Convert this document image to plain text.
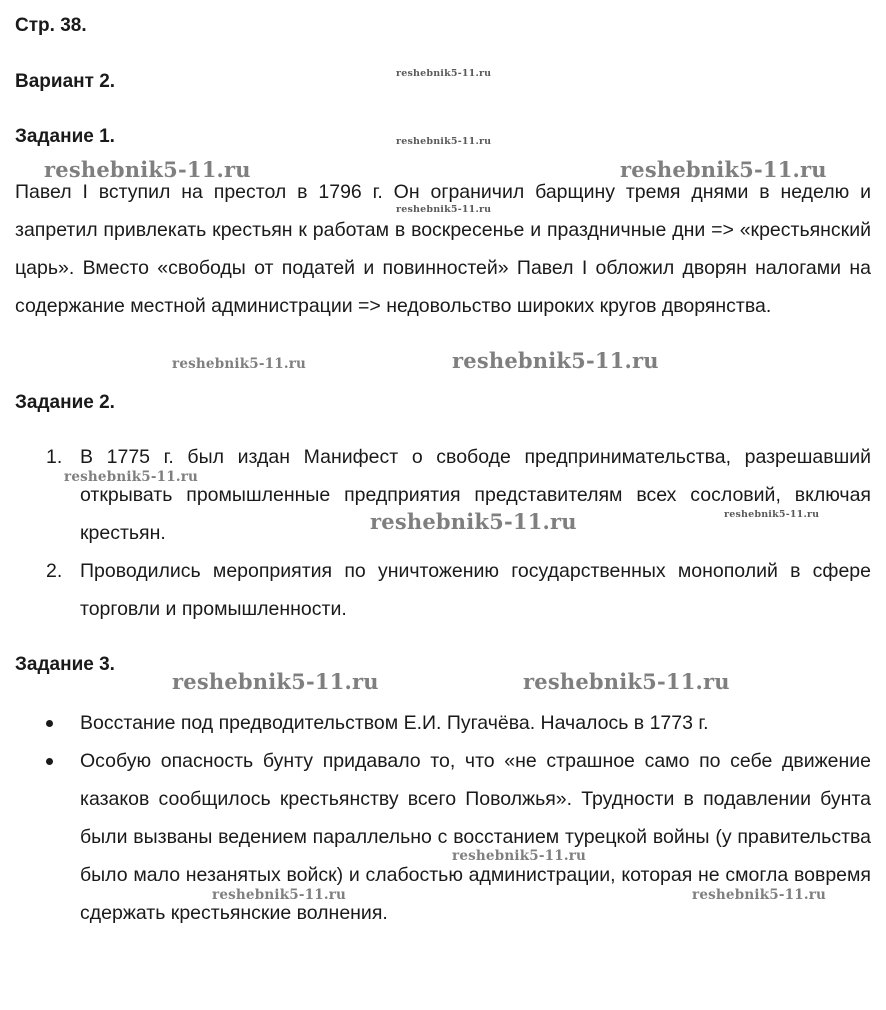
Стр. 38.
Вариант 2.
Задание 1.

Павел I вступил на престол в 1796 г. Он ограничил барщину тремя днями в неделю и запретил привлекать крестьян к работам в воскресенье и праздничные дни => «крестьянский царь». Вместо «свободы от податей и повинностей» Павел I обложил дворян налогами на содержание местной администрации => недовольство широких кругов дворянства.

Задание 2.
1. В 1775 г. был издан Манифест о свободе предпринимательства, разрешавший открывать промышленные предприятия представителям всех сословий, включая крестьян.
2. Проводились мероприятия по уничтожению государственных монополий в сфере торговли и промышленности.
Задание 3.
Восстание под предводительством Е.И. Пугачёва. Началось в 1773 г.
Особую опасность бунту придавало то, что «не страшное само по себе движение казаков сообщилось крестьянству всего Поволжья». Трудности в подавлении бунта были вызваны ведением параллельно с восстанием турецкой войны (у правительства было мало незанятых войск) и слабостью администрации, которая не смогла вовремя сдержать крестьянские волнения.
reshebnik5-11.ru
reshebnik5-11.ru
reshebnik5-11.ru	reshebnik5-11.ru
reshebnik5-11.ru
reshebnik5-11.ru	reshebnik5-11.ru
reshebnik5-11.ru
reshebnik5-11.ru	reshebnik5-11.ru
reshebnik5-11.ru	reshebnik5-11.ru
reshebnik5-11.ru
reshebnik5-11.ru	reshebnik5-11.ru
